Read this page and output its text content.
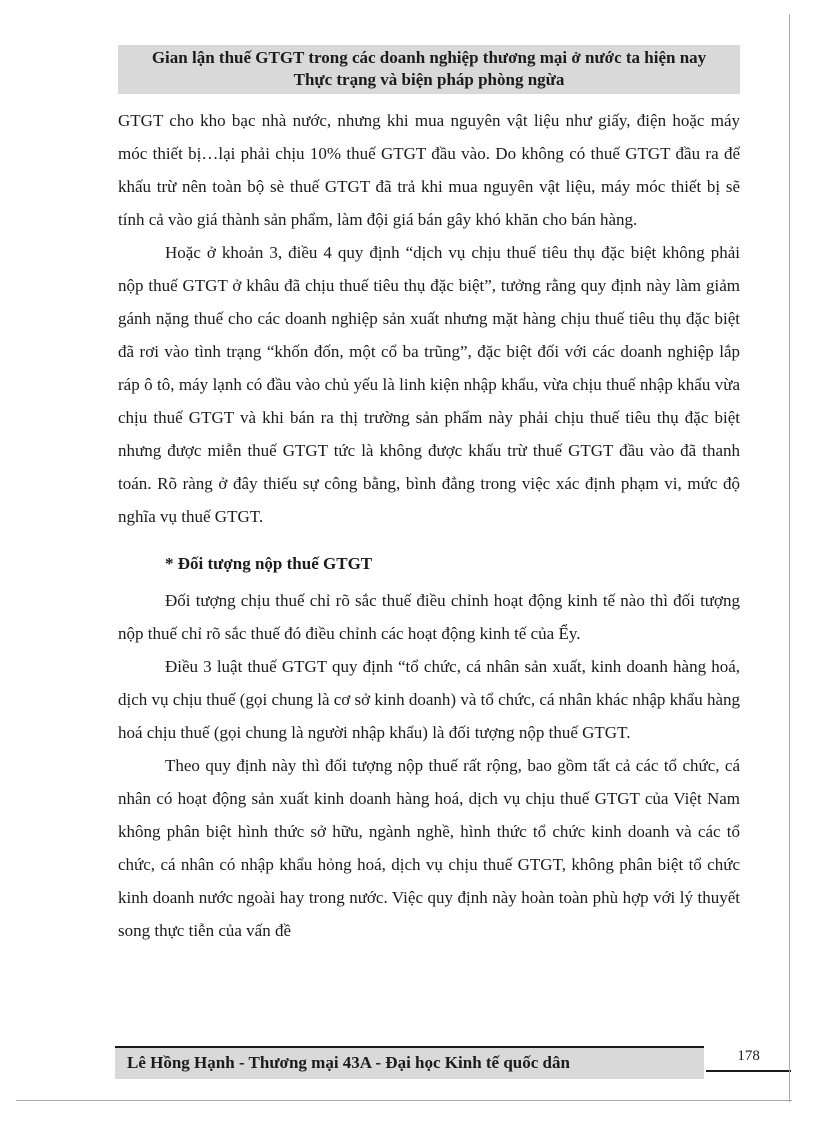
Gian lận thuế GTGT trong các doanh nghiệp thương mại ở nước ta hiện nay
Thực trạng và biện pháp phòng ngừa

GTGT cho kho bạc nhà nước, nhưng khi mua nguyên vật liệu như giấy, điện hoặc máy móc thiết bị…lại phải chịu 10% thuế GTGT đầu vào. Do không có thuế GTGT đầu ra để khấu trừ nên toàn bộ sè thuế GTGT đã trả khi mua nguyên vật liệu, máy móc thiết bị sẽ tính cả vào giá thành sản phẩm, làm đội giá bán gây khó khăn cho bán hàng.

Hoặc ở khoản 3, điều 4 quy định “dịch vụ chịu thuế tiêu thụ đặc biệt không phải nộp thuế GTGT ở khâu đã chịu thuế tiêu thụ đặc biệt”, tưởng rằng quy định này làm giảm gánh nặng thuế cho các doanh nghiệp sản xuất nhưng mặt hàng chịu thuế tiêu thụ đặc biệt đã rơi vào tình trạng “khốn đốn, một cổ ba trũng”, đặc biệt đối với các doanh nghiệp lắp ráp ô tô, máy lạnh có đầu vào chủ yếu là linh kiện nhập khẩu, vừa chịu thuế nhập khẩu vừa chịu thuế GTGT và khi bán ra thị trường sản phẩm này phải chịu thuế tiêu thụ đặc biệt nhưng được miễn thuế GTGT tức là không được khấu trừ thuế GTGT đầu vào đã thanh toán. Rõ ràng ở đây thiếu sự công bằng, bình đẳng trong việc xác định phạm vi, mức độ nghĩa vụ thuế GTGT.

* Đối tượng nộp thuế GTGT

Đối tượng chịu thuế chỉ rõ sắc thuế điều chỉnh hoạt động kinh tế nào thì đối tượng nộp thuế chỉ rõ sắc thuế đó điều chỉnh các hoạt động kinh tế của Ểy.

Điều 3 luật thuế GTGT quy định “tổ chức, cá nhân sản xuất, kinh doanh hàng hoá, dịch vụ chịu thuế (gọi chung là cơ sở kinh doanh) và tổ chức, cá nhân khác nhập khẩu hàng hoá chịu thuế (gọi chung là người nhập khẩu) là đối tượng nộp thuế GTGT.

Theo quy định này thì đối tượng nộp thuế rất rộng, bao gồm tất cả các tổ chức, cá nhân có hoạt động sản xuất kinh doanh hàng hoá, dịch vụ chịu thuế GTGT của Việt Nam không phân biệt hình thức sở hữu, ngành nghề, hình thức tổ chức kinh doanh và các tổ chức, cá nhân có nhập khẩu hỏng hoá, dịch vụ chịu thuế GTGT, không phân biệt tổ chức kinh doanh nước ngoài hay trong nước. Việc quy định này hoàn toàn phù hợp với lý thuyết song thực tiễn của vấn đề

Lê Hồng Hạnh - Thương mại 43A - Đại học Kinh tế quốc dân	178
